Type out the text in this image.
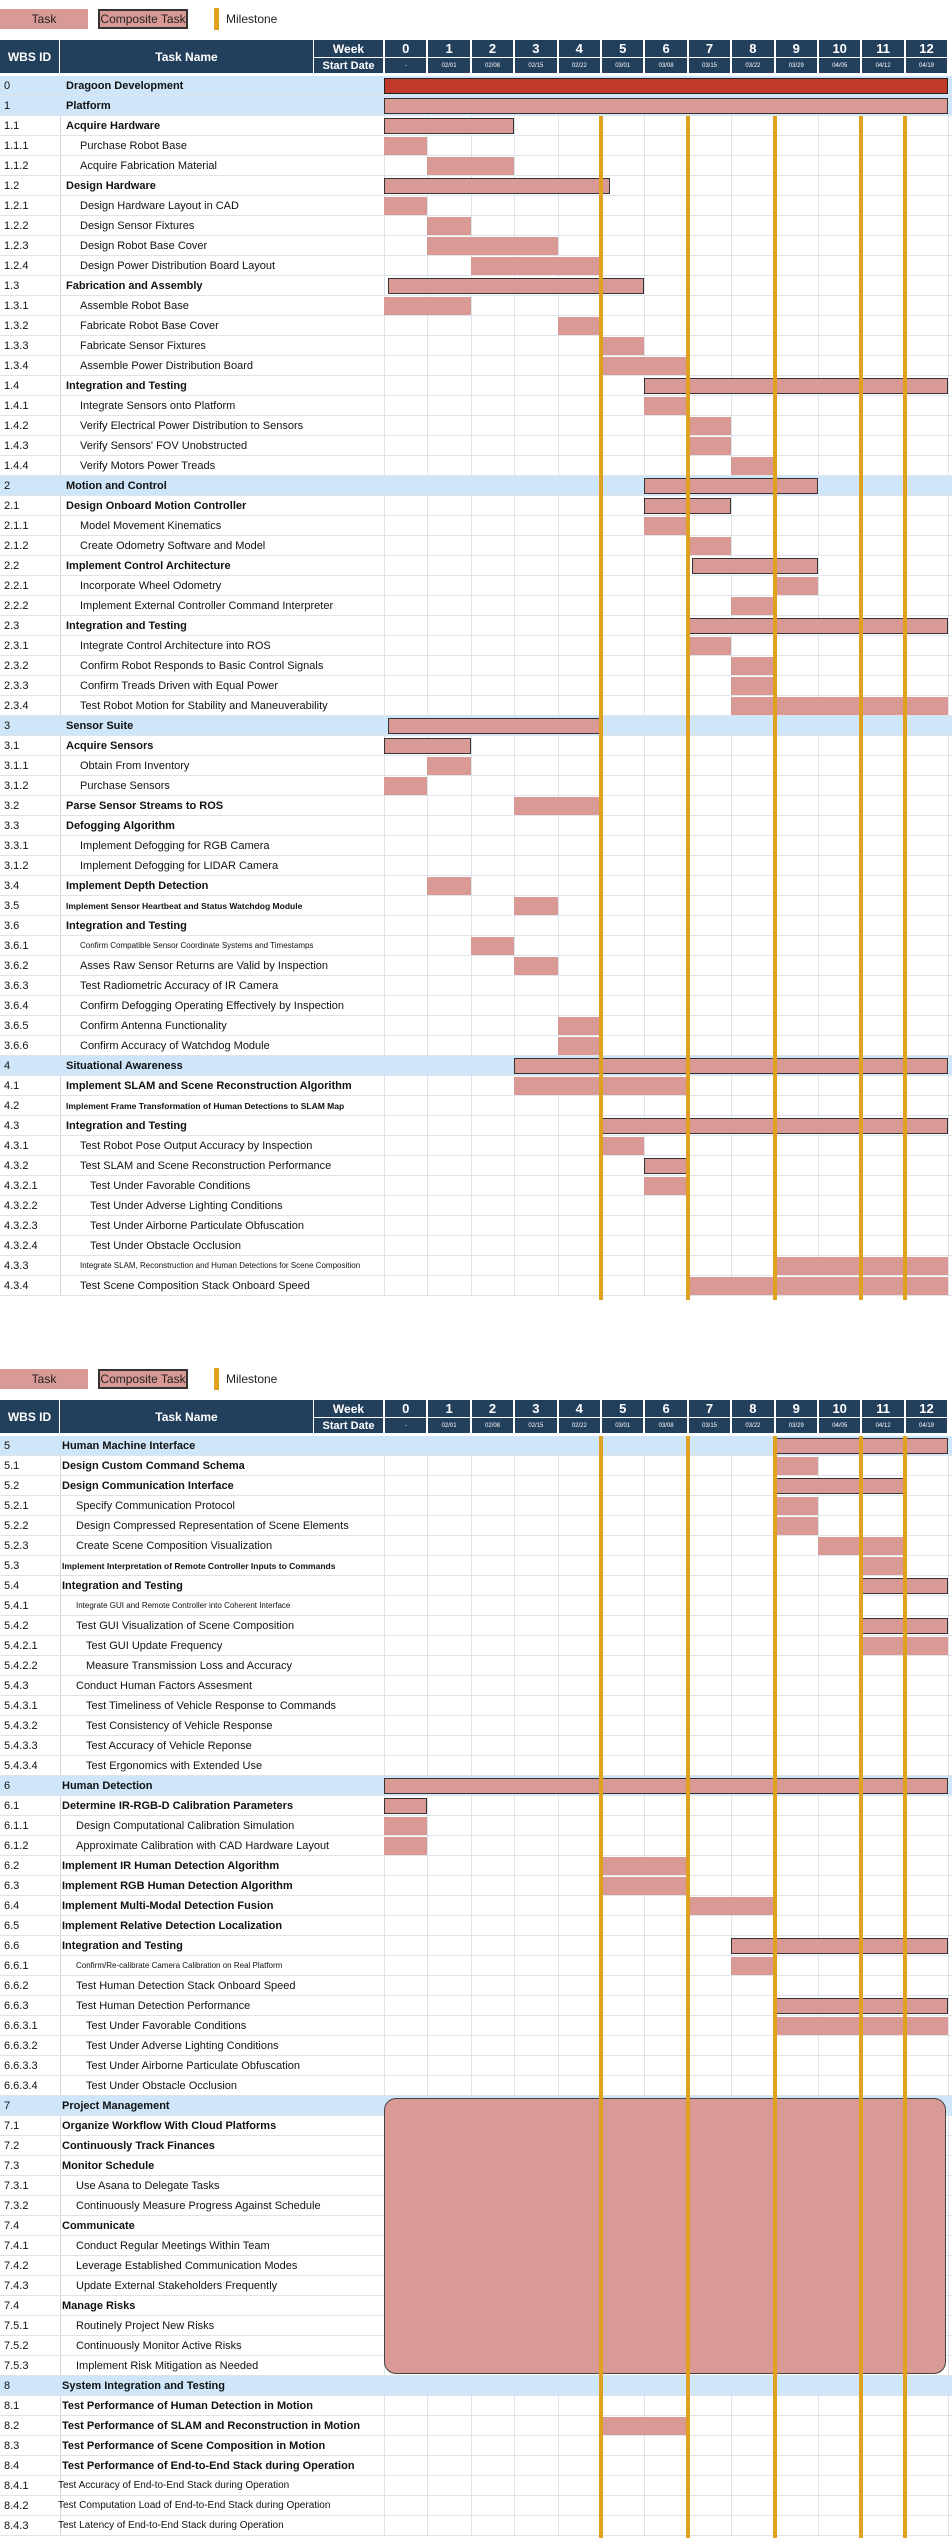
Task	Composite Task	Milestone
WBS ID	Task Name
Week
Start Date
0
-
1
02/01
2
02/08
3
02/15
4
02/22
5
03/01
6
03/08
7
03/15
8
03/22
9
03/29
10
04/05
11
04/12
12
04/19
0	Dragoon Development
1	Platform
1.1	Acquire Hardware
1.1.1	Purchase Robot Base
1.1.2	Acquire Fabrication Material
1.2	Design Hardware
1.2.1	Design Hardware Layout in CAD
1.2.2	Design Sensor Fixtures
1.2.3	Design Robot Base Cover
1.2.4	Design Power Distribution Board Layout
1.3	Fabrication and Assembly
1.3.1	Assemble Robot Base
1.3.2	Fabricate Robot Base Cover
1.3.3	Fabricate Sensor Fixtures
1.3.4	Assemble Power Distribution Board
1.4	Integration and Testing
1.4.1	Integrate Sensors onto Platform
1.4.2	Verify Electrical Power Distribution to Sensors
1.4.3	Verify Sensors' FOV Unobstructed
1.4.4	Verify Motors Power Treads
2	Motion and Control
2.1	Design Onboard Motion Controller
2.1.1	Model Movement Kinematics
2.1.2	Create Odometry Software and Model
2.2	Implement Control Architecture
2.2.1	Incorporate Wheel Odometry
2.2.2	Implement External Controller Command Interpreter
2.3	Integration and Testing
2.3.1	Integrate Control Architecture into ROS
2.3.2	Confirm Robot Responds to Basic Control Signals
2.3.3	Confirm Treads Driven with Equal Power
2.3.4	Test Robot Motion for Stability and Maneuverability
3	Sensor Suite
3.1	Acquire Sensors
3.1.1	Obtain From Inventory
3.1.2	Purchase Sensors
3.2	Parse Sensor Streams to ROS
3.3	Defogging Algorithm
3.3.1	Implement Defogging for RGB Camera
3.1.2	Implement Defogging for LIDAR Camera
3.4	Implement Depth Detection
3.5	Implement Sensor Heartbeat and Status Watchdog Module
3.6	Integration and Testing
3.6.1	Confirm Compatible Sensor Coordinate Systems and Timestamps
3.6.2	Asses Raw Sensor Returns are Valid by Inspection
3.6.3	Test Radiometric Accuracy of IR Camera
3.6.4	Confirm Defogging Operating Effectively by Inspection
3.6.5	Confirm Antenna Functionality
3.6.6	Confirm Accuracy of Watchdog Module
4	Situational Awareness
4.1	Implement SLAM and Scene Reconstruction Algorithm
4.2	Implement Frame Transformation of Human Detections to SLAM Map
4.3	Integration and Testing
4.3.1	Test Robot Pose Output Accuracy by Inspection
4.3.2	Test SLAM and Scene Reconstruction Performance
4.3.2.1	Test Under Favorable Conditions
4.3.2.2	Test Under Adverse Lighting Conditions
4.3.2.3	Test Under Airborne Particulate Obfuscation
4.3.2.4	Test Under Obstacle Occlusion
4.3.3	Integrate SLAM, Reconstruction and Human Detections for Scene Composition
4.3.4	Test Scene Composition Stack Onboard Speed
Task	Composite Task	Milestone
WBS ID	Task Name
Week
Start Date
0
-
1
02/01
2
02/08
3
02/15
4
02/22
5
03/01
6
03/08
7
03/15
8
03/22
9
03/29
10
04/05
11
04/12
12
04/19
5	Human Machine Interface
5.1	Design Custom Command Schema
5.2	Design Communication Interface
5.2.1	Specify Communication Protocol
5.2.2	Design Compressed Representation of Scene Elements
5.2.3	Create Scene Composition Visualization
5.3	Implement Interpretation of Remote Controller Inputs to Commands
5.4	Integration and Testing
5.4.1	Integrate GUI and Remote Controller into Coherent Interface
5.4.2	Test GUI Visualization of Scene Composition
5.4.2.1	Test GUI Update Frequency
5.4.2.2	Measure Transmission Loss and Accuracy
5.4.3	Conduct Human Factors Assesment
5.4.3.1	Test Timeliness of Vehicle Response to Commands
5.4.3.2	Test Consistency of Vehicle Response
5.4.3.3	Test Accuracy of Vehicle Reponse
5.4.3.4	Test Ergonomics with Extended Use
6	Human Detection
6.1	Determine IR-RGB-D Calibration Parameters
6.1.1	Design Computational Calibration Simulation
6.1.2	Approximate Calibration with CAD Hardware Layout
6.2	Implement IR Human Detection Algorithm
6.3	Implement RGB Human Detection Algorithm
6.4	Implement Multi-Modal Detection Fusion
6.5	Implement Relative Detection Localization
6.6	Integration and Testing
6.6.1	Confirm/Re-calibrate Camera Calibration on Real Platform
6.6.2	Test Human Detection Stack Onboard Speed
6.6.3	Test Human Detection Performance
6.6.3.1	Test Under Favorable Conditions
6.6.3.2	Test Under Adverse Lighting Conditions
6.6.3.3	Test Under Airborne Particulate Obfuscation
6.6.3.4	Test Under Obstacle Occlusion
7	Project Management
7.1	Organize Workflow With Cloud Platforms
7.2	Continuously Track Finances
7.3	Monitor Schedule
7.3.1	Use Asana to Delegate Tasks
7.3.2	Continuously Measure Progress Against Schedule
7.4	Communicate
7.4.1	Conduct Regular Meetings Within Team
7.4.2	Leverage Established Communication Modes
7.4.3	Update External Stakeholders Frequently
7.4	Manage Risks
7.5.1	Routinely Project New Risks
7.5.2	Continuously Monitor Active Risks
7.5.3	Implement Risk Mitigation as Needed
8	System Integration and Testing
8.1	Test Performance of Human Detection in Motion
8.2	Test Performance of SLAM and Reconstruction in Motion
8.3	Test Performance of Scene Composition in Motion
8.4	Test Performance of End-to-End Stack during Operation
8.4.1	Test Accuracy of End-to-End Stack during Operation
8.4.2	Test Computation Load of End-to-End Stack during Operation
8.4.3	Test Latency of End-to-End Stack during Operation
